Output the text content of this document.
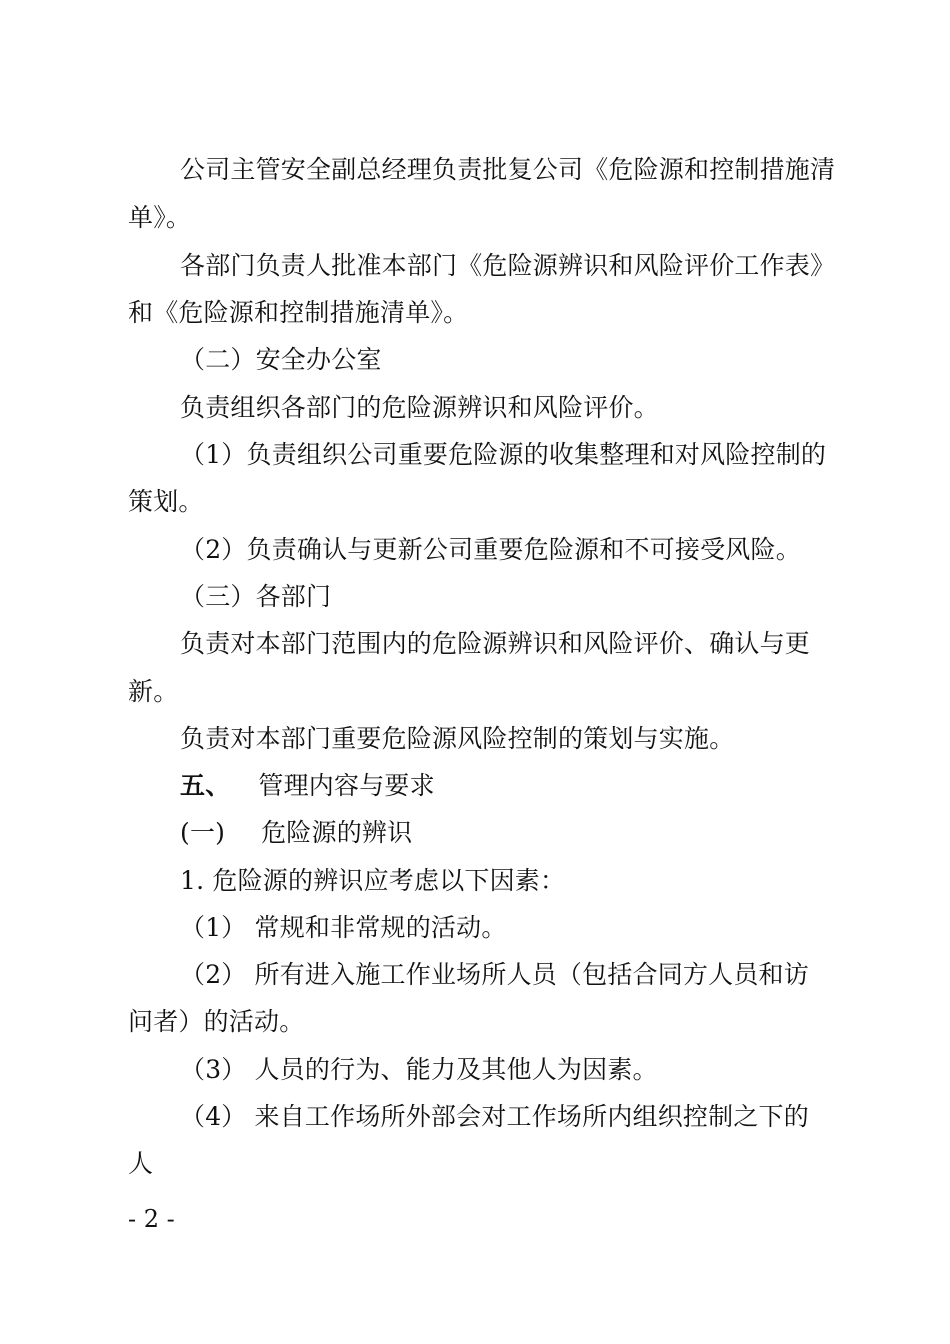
公司主管安全副总经理负责批复公司《危险源和控制措施清
单》。
各部门负责人批准本部门《危险源辨识和风险评价工作表》
和《危险源和控制措施清单》。
（二）安全办公室
负责组织各部门的危险源辨识和风险评价。
（1）负责组织公司重要危险源的收集整理和对风险控制的
策划。
（2）负责确认与更新公司重要危险源和不可接受风险。
（三）各部门
负责对本部门范围内的危险源辨识和风险评价、确认与更
新。
负责对本部门重要危险源风险控制的策划与实施。
五、 管理内容与要求
(一) 危险源的辨识
1. 危险源的辨识应考虑以下因素：
（1） 常规和非常规的活动。
（2） 所有进入施工作业场所人员（包括合同方人员和访
问者）的活动。
（3） 人员的行为、能力及其他人为因素。
（4） 来自工作场所外部会对工作场所内组织控制之下的
人
- 2 -
